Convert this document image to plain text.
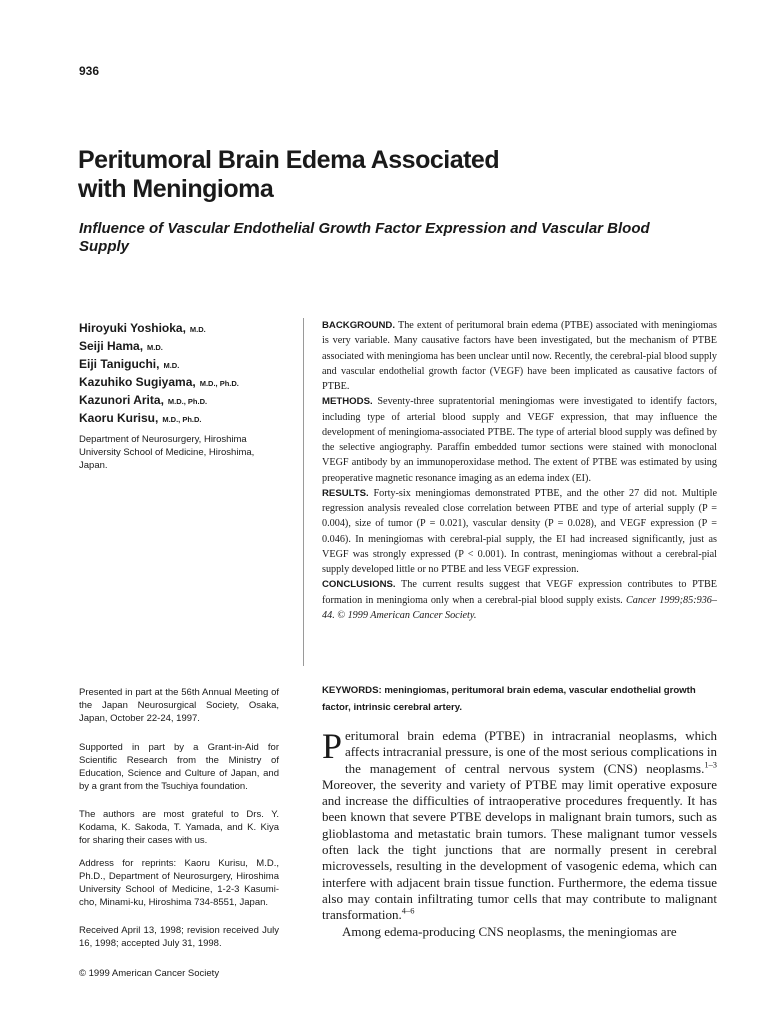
936
Peritumoral Brain Edema Associated
with Meningioma
Influence of Vascular Endothelial Growth Factor Expression and Vascular Blood Supply
Hiroyuki Yoshioka, M.D.
Seiji Hama, M.D.
Eiji Taniguchi, M.D.
Kazuhiko Sugiyama, M.D., Ph.D.
Kazunori Arita, M.D., Ph.D.
Kaoru Kurisu, M.D., Ph.D.
Department of Neurosurgery, Hiroshima University School of Medicine, Hiroshima, Japan.
Presented in part at the 56th Annual Meeting of the Japan Neurosurgical Society, Osaka, Japan, October 22-24, 1997.
Supported in part by a Grant-in-Aid for Scientific Research from the Ministry of Education, Science and Culture of Japan, and by a grant from the Tsuchiya foundation.
The authors are most grateful to Drs. Y. Kodama, K. Sakoda, T. Yamada, and K. Kiya for sharing their cases with us.
Address for reprints: Kaoru Kurisu, M.D., Ph.D., Department of Neurosurgery, Hiroshima University School of Medicine, 1-2-3 Kasumi-cho, Minami-ku, Hiroshima 734-8551, Japan.
Received April 13, 1998; revision received July 16, 1998; accepted July 31, 1998.
© 1999 American Cancer Society

BACKGROUND. The extent of peritumoral brain edema (PTBE) associated with meningiomas is very variable. Many causative factors have been investigated, but the mechanism of PTBE associated with meningioma has been unclear until now. Recently, the cerebral-pial blood supply and vascular endothelial growth factor (VEGF) have been implicated as causative factors of PTBE.

METHODS. Seventy-three supratentorial meningiomas were investigated to identify factors, including type of arterial blood supply and VEGF expression, that may influence the development of meningioma-associated PTBE. The type of arterial blood supply was defined by the selective angiography. Paraffin embedded tumor sections were stained with monoclonal VEGF antibody by an immunoperoxidase method. The extent of PTBE was estimated by using preoperative magnetic resonance imaging as an edema index (EI).

RESULTS. Forty-six meningiomas demonstrated PTBE, and the other 27 did not. Multiple regression analysis revealed close correlation between PTBE and type of arterial supply (P = 0.004), size of tumor (P = 0.021), vascular density (P = 0.028), and VEGF expression (P = 0.046). In meningiomas with cerebral-pial supply, the EI had increased significantly, just as VEGF was strongly expressed (P < 0.001). In contrast, meningiomas without a cerebral-pial supply developed little or no PTBE and less VEGF expression.

CONCLUSIONS. The current results suggest that VEGF expression contributes to PTBE formation in meningioma only when a cerebral-pial blood supply exists. Cancer 1999;85:936–44. © 1999 American Cancer Society.

KEYWORDS: meningiomas, peritumoral brain edema, vascular endothelial growth factor, intrinsic cerebral artery.

Peritumoral brain edema (PTBE) in intracranial neoplasms, which affects intracranial pressure, is one of the most serious complications in the management of central nervous system (CNS) neoplasms.$^{1-3}$ Moreover, the severity and variety of PTBE may limit operative exposure and increase the difficulties of intraoperative procedures frequently. It has been known that severe PTBE develops in malignant brain tumors, such as glioblastoma and metastatic brain tumors. These malignant tumor vessels often lack the tight junctions that are normally present in cerebral microvessels, resulting in the development of vasogenic edema, which can interfere with adjacent brain tissue function. Furthermore, the edema tissue also may contain infiltrating tumor cells that may contribute to malignant transformation.$^{4-6}$

Among edema-producing CNS neoplasms, the meningiomas are
